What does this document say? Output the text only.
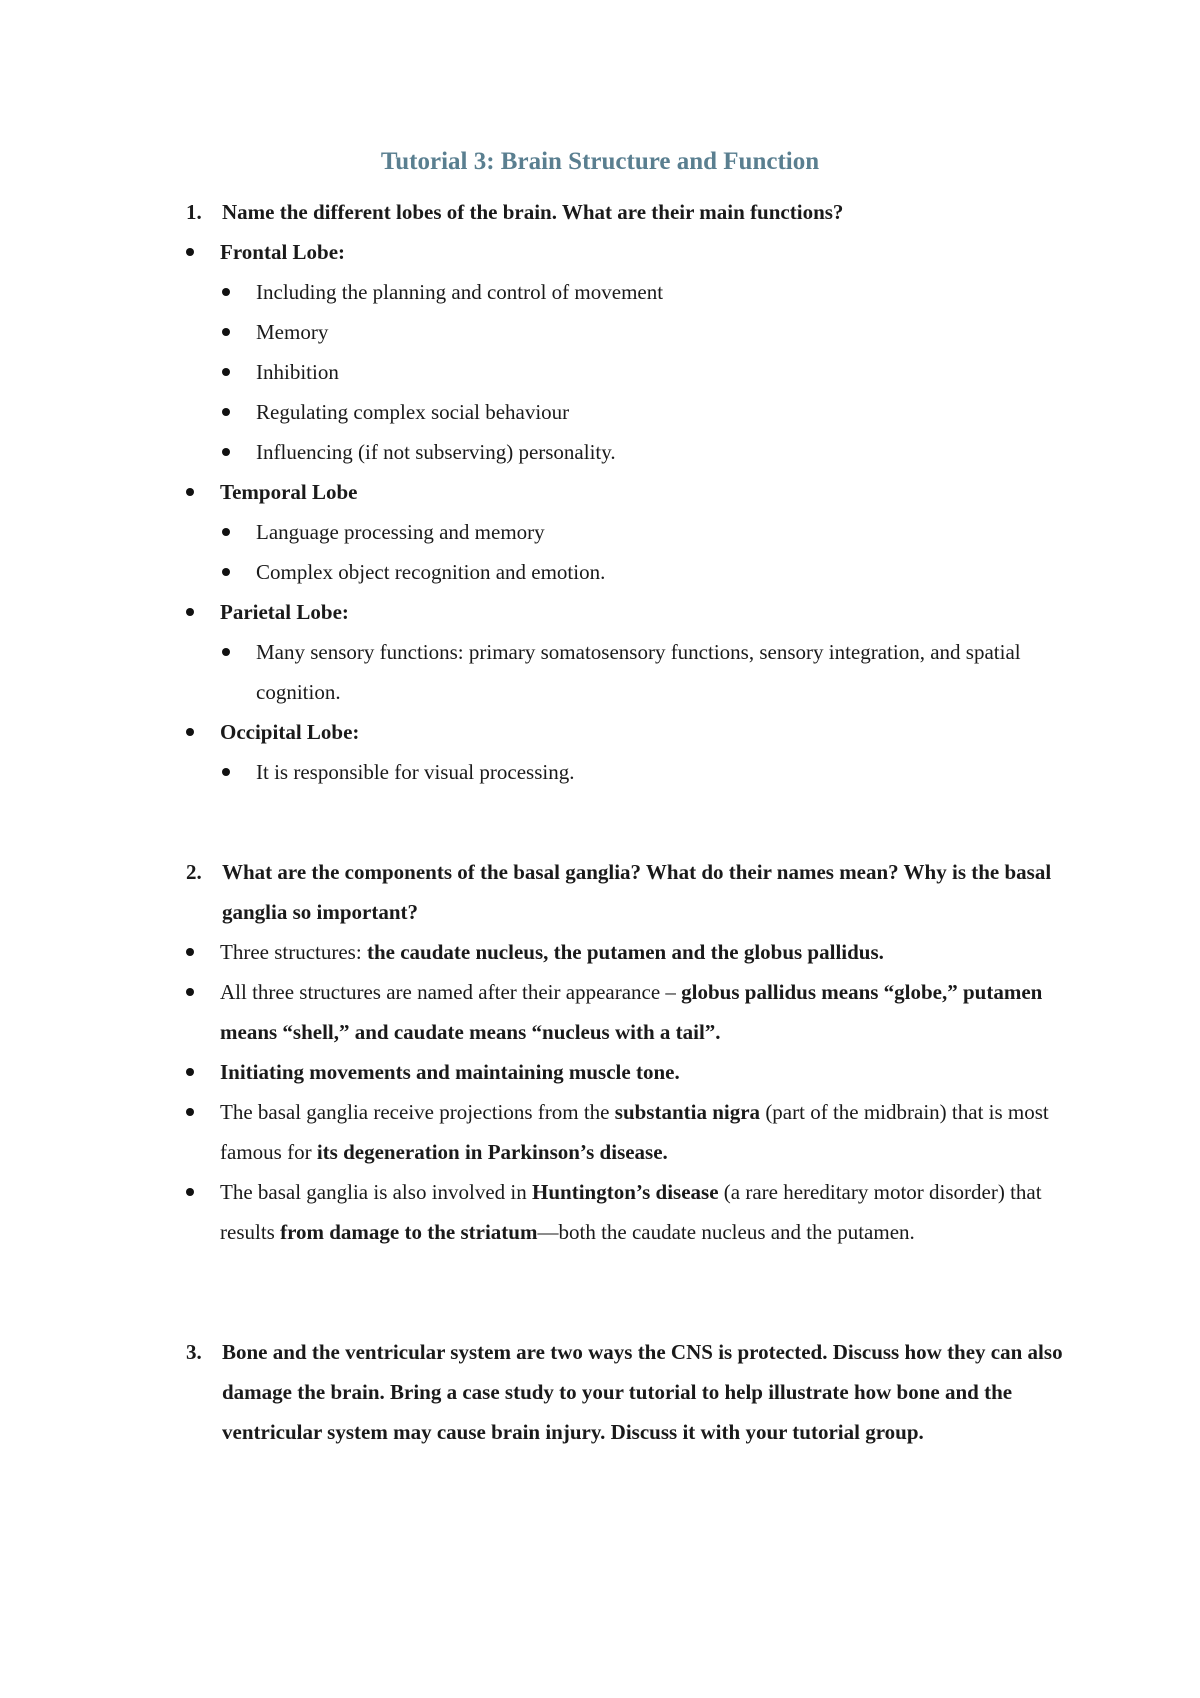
Tutorial 3: Brain Structure and Function
1. Name the different lobes of the brain. What are their main functions?
Frontal Lobe:
Including the planning and control of movement
Memory
Inhibition
Regulating complex social behaviour
Influencing (if not subserving) personality.
Temporal Lobe
Language processing and memory
Complex object recognition and emotion.
Parietal Lobe:
Many sensory functions: primary somatosensory functions, sensory integration, and spatial cognition.
Occipital Lobe:
It is responsible for visual processing.
2. What are the components of the basal ganglia? What do their names mean? Why is the basal ganglia so important?
Three structures: the caudate nucleus, the putamen and the globus pallidus.
All three structures are named after their appearance – globus pallidus means “globe,” putamen means “shell,” and caudate means “nucleus with a tail”.
Initiating movements and maintaining muscle tone.
The basal ganglia receive projections from the substantia nigra (part of the midbrain) that is most famous for its degeneration in Parkinson’s disease.
The basal ganglia is also involved in Huntington’s disease (a rare hereditary motor disorder) that results from damage to the striatum—both the caudate nucleus and the putamen.
3. Bone and the ventricular system are two ways the CNS is protected. Discuss how they can also damage the brain. Bring a case study to your tutorial to help illustrate how bone and the ventricular system may cause brain injury. Discuss it with your tutorial group.
